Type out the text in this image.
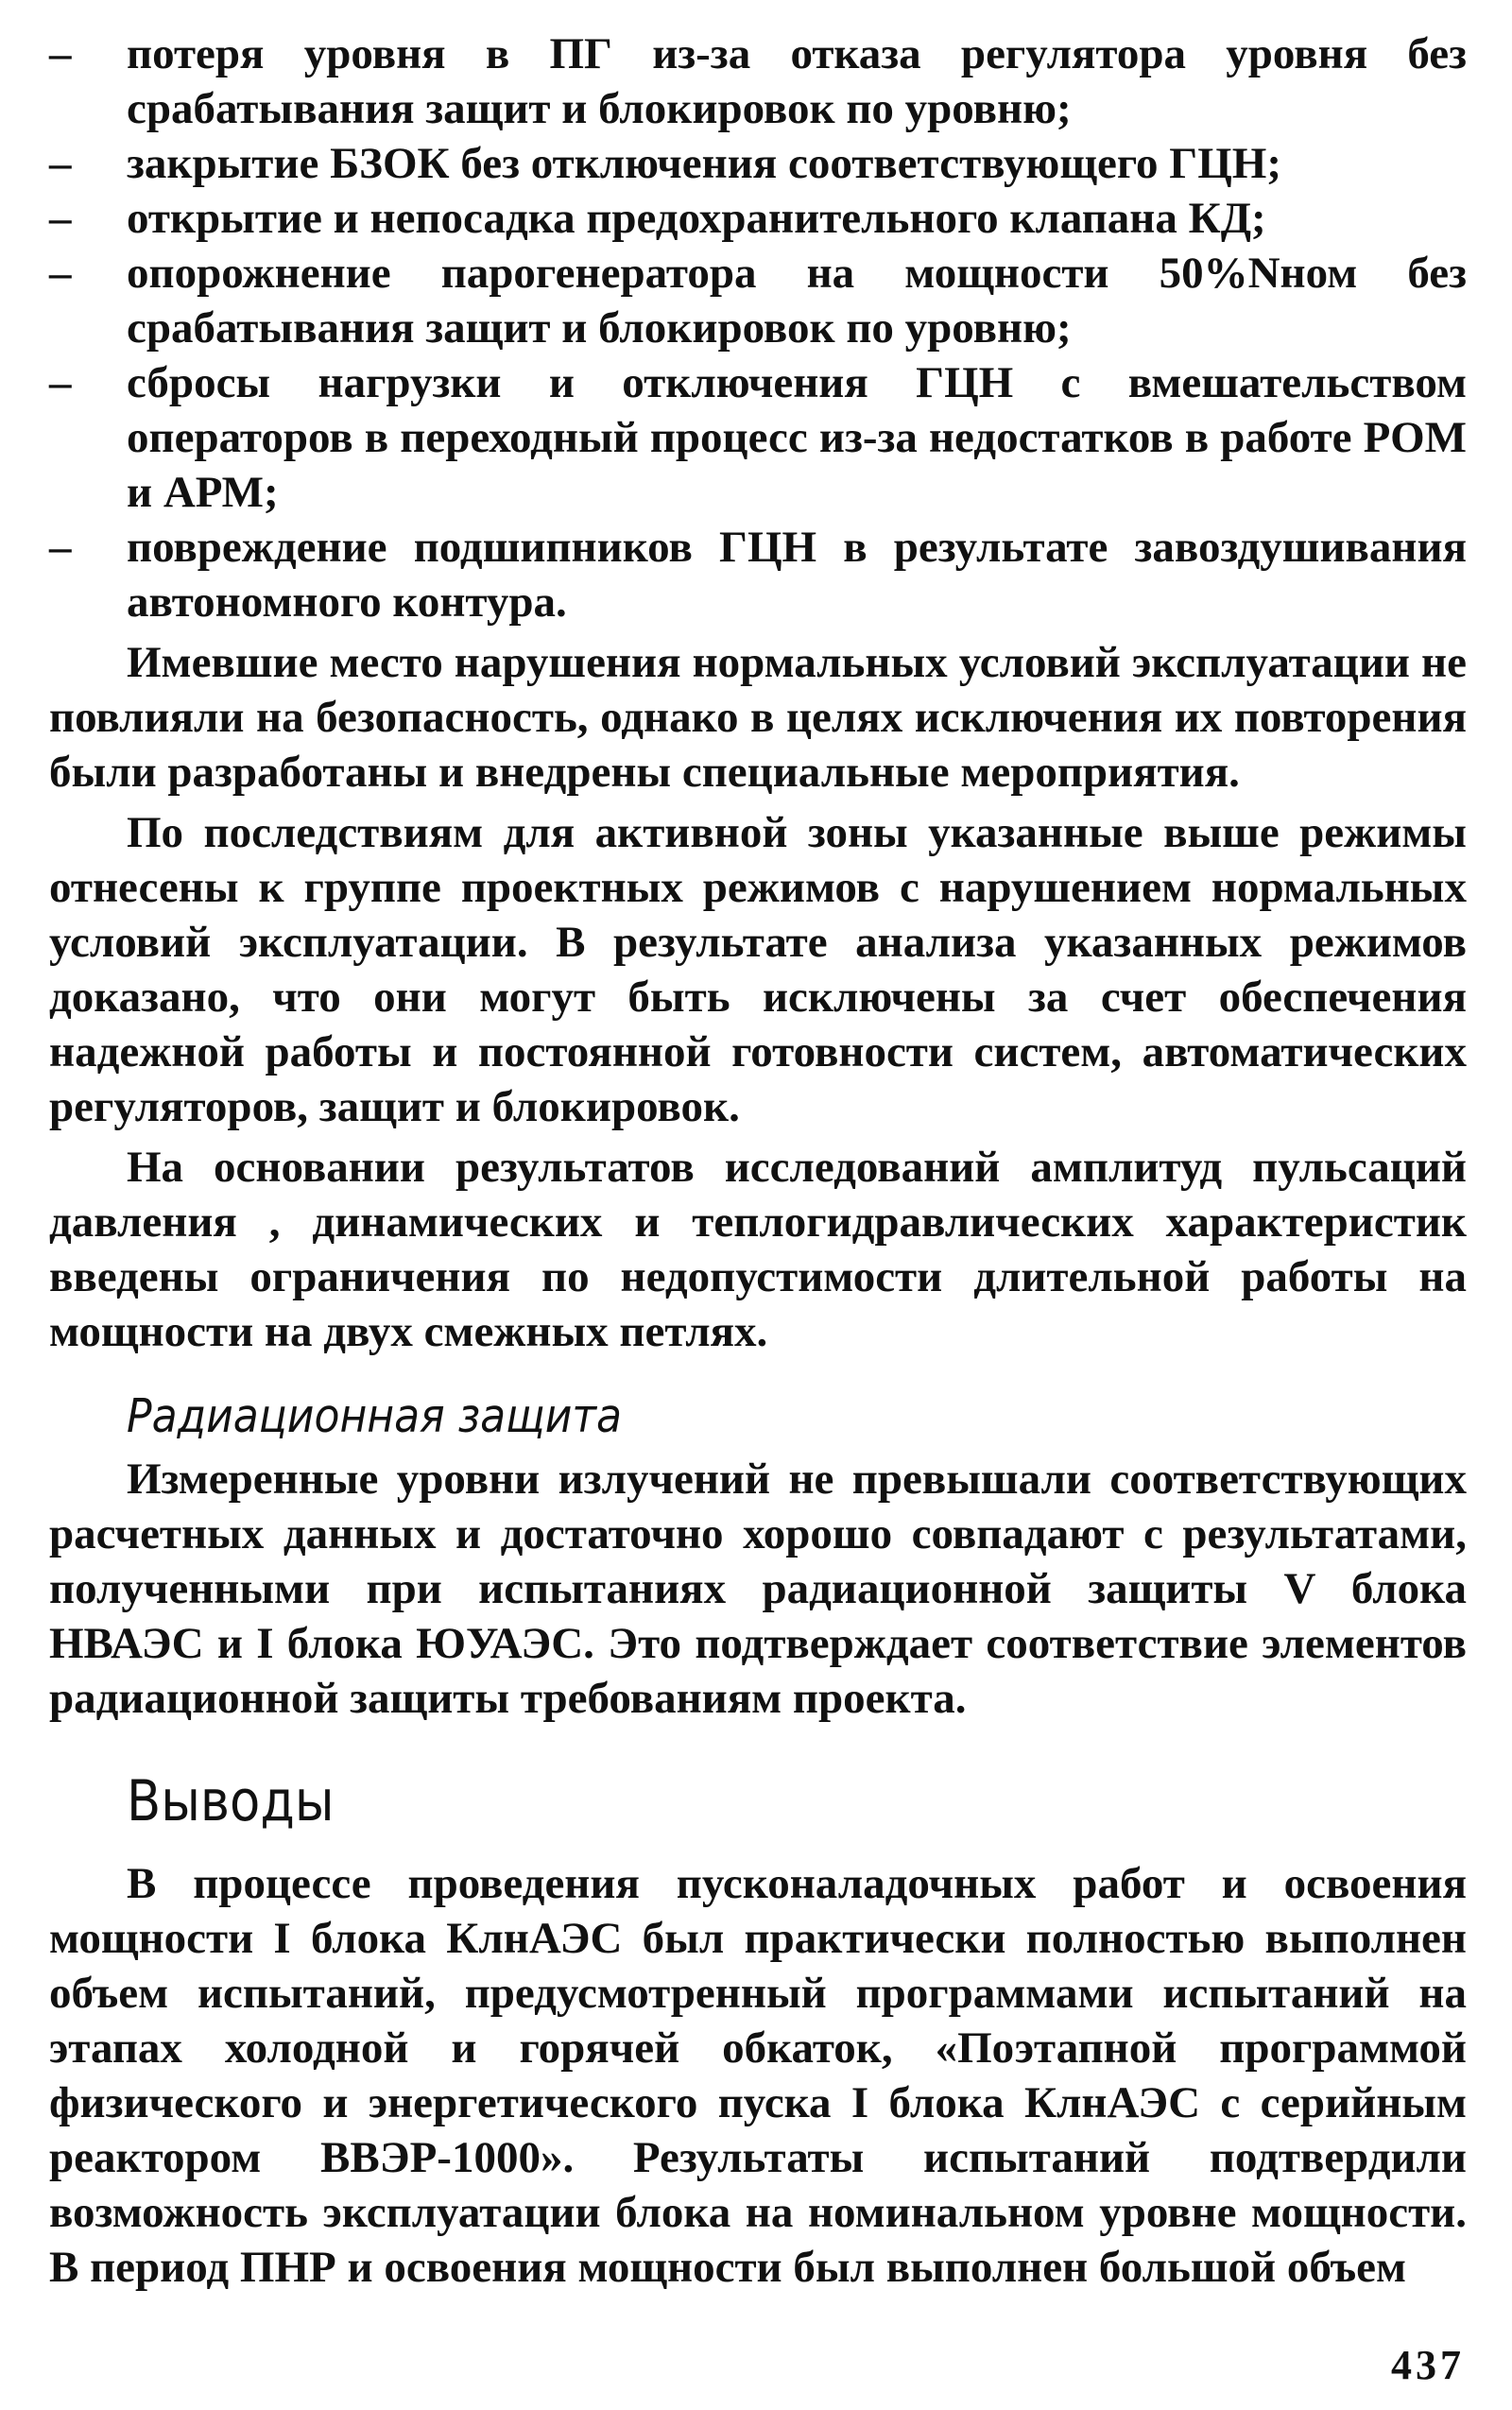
– потеря уровня в ПГ из-за отказа регулятора уровня без срабатывания защит и блокировок по уровню;
– закрытие БЗОК без отключения соответствующего ГЦН;
– открытие и непосадка предохранительного клапана КД;
– опорожнение парогенератора на мощности 50%Nном без срабатывания защит и блокировок по уровню;
– сбросы нагрузки и отключения ГЦН с вмешательством операторов в переходный процесс из-за недостатков в работе РОМ и АРМ;
– повреждение подшипников ГЦН в результате завоздушивания автономного контура.

Имевшие место нарушения нормальных условий эксплуатации не повлияли на безопасность, однако в целях исключения их повторения были разработаны и внедрены специальные мероприятия.

По последствиям для активной зоны указанные выше режимы отнесены к группе проектных режимов с нарушением нормальных условий эксплуатации. В результате анализа указанных режимов доказано, что они могут быть исключены за счет обеспечения надежной работы и постоянной готовности систем, автоматических регуляторов, защит и блокировок.

На основании результатов исследований амплитуд пульсаций давления , динамических и теплогидравлических характеристик введены ограничения по недопустимости длительной работы на мощности на двух смежных петлях.

Радиационная защита

Измеренные уровни излучений не превышали соответствующих расчетных данных и достаточно хорошо совпадают с результатами, полученными при испытаниях радиационной защиты V блока НВАЭС и I блока ЮУАЭС. Это подтверждает соответствие элементов радиационной защиты требованиям проекта.

Выводы

В процессе проведения пусконаладочных работ и освоения мощности I блока КлнАЭС был практически полностью выполнен объем испытаний, предусмотренный программами испытаний на этапах холодной и горячей обкаток, «Поэтапной программой физического и энергетического пуска I блока КлнАЭС с серийным реактором ВВЭР-1000». Результаты испытаний подтвердили возможность эксплуатации блока на номинальном уровне мощности. В период ПНР и освоения мощности был выполнен большой объем

437
